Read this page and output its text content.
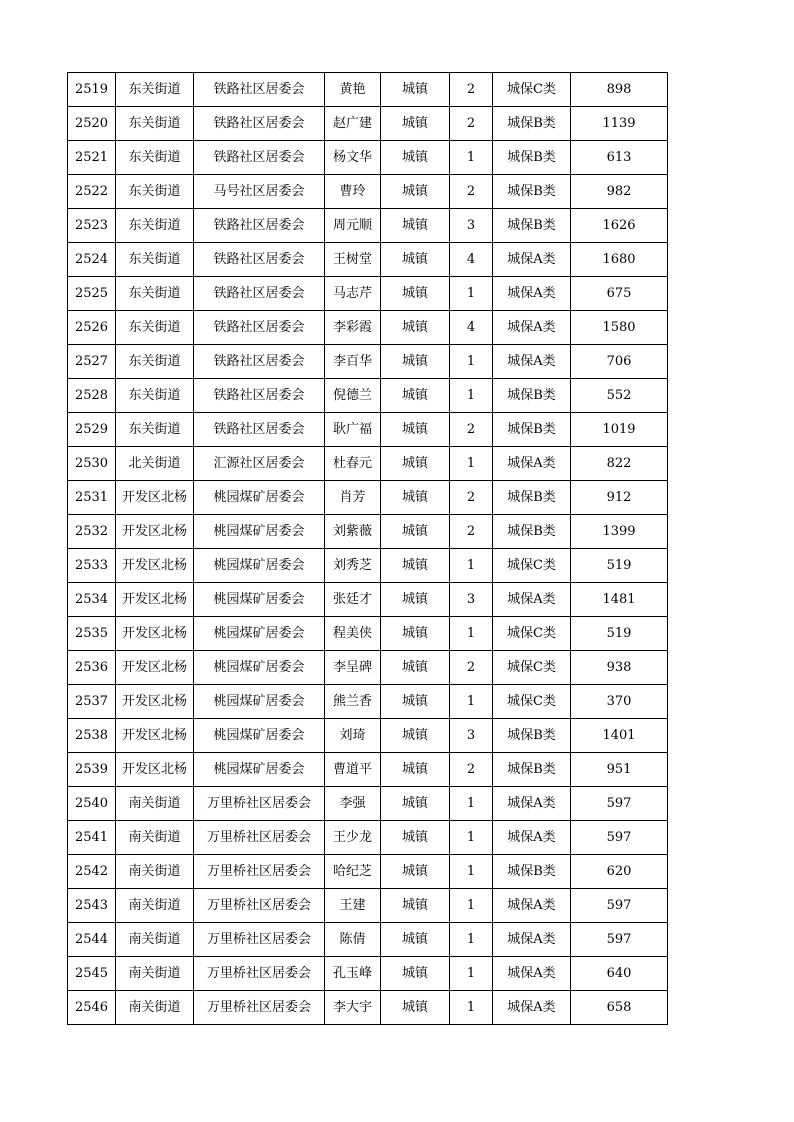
2519	东关街道	铁路社区居委会	黄艳	城镇	2	城保C类	898
2520	东关街道	铁路社区居委会	赵广建	城镇	2	城保B类	1139
2521	东关街道	铁路社区居委会	杨文华	城镇	1	城保B类	613
2522	东关街道	马号社区居委会	曹玲	城镇	2	城保B类	982
2523	东关街道	铁路社区居委会	周元顺	城镇	3	城保B类	1626
2524	东关街道	铁路社区居委会	王树堂	城镇	4	城保A类	1680
2525	东关街道	铁路社区居委会	马志芹	城镇	1	城保A类	675
2526	东关街道	铁路社区居委会	李彩霞	城镇	4	城保A类	1580
2527	东关街道	铁路社区居委会	李百华	城镇	1	城保A类	706
2528	东关街道	铁路社区居委会	倪德兰	城镇	1	城保B类	552
2529	东关街道	铁路社区居委会	耿广福	城镇	2	城保B类	1019
2530	北关街道	汇源社区居委会	杜春元	城镇	1	城保A类	822
2531	开发区北杨	桃园煤矿居委会	肖芳	城镇	2	城保B类	912
2532	开发区北杨	桃园煤矿居委会	刘紫薇	城镇	2	城保B类	1399
2533	开发区北杨	桃园煤矿居委会	刘秀芝	城镇	1	城保C类	519
2534	开发区北杨	桃园煤矿居委会	张廷才	城镇	3	城保A类	1481
2535	开发区北杨	桃园煤矿居委会	程美侠	城镇	1	城保C类	519
2536	开发区北杨	桃园煤矿居委会	李呈碑	城镇	2	城保C类	938
2537	开发区北杨	桃园煤矿居委会	熊兰香	城镇	1	城保C类	370
2538	开发区北杨	桃园煤矿居委会	刘琦	城镇	3	城保B类	1401
2539	开发区北杨	桃园煤矿居委会	曹道平	城镇	2	城保B类	951
2540	南关街道	万里桥社区居委会	李强	城镇	1	城保A类	597
2541	南关街道	万里桥社区居委会	王少龙	城镇	1	城保A类	597
2542	南关街道	万里桥社区居委会	哈纪芝	城镇	1	城保B类	620
2543	南关街道	万里桥社区居委会	王建	城镇	1	城保A类	597
2544	南关街道	万里桥社区居委会	陈倩	城镇	1	城保A类	597
2545	南关街道	万里桥社区居委会	孔玉峰	城镇	1	城保A类	640
2546	南关街道	万里桥社区居委会	李大宇	城镇	1	城保A类	658
